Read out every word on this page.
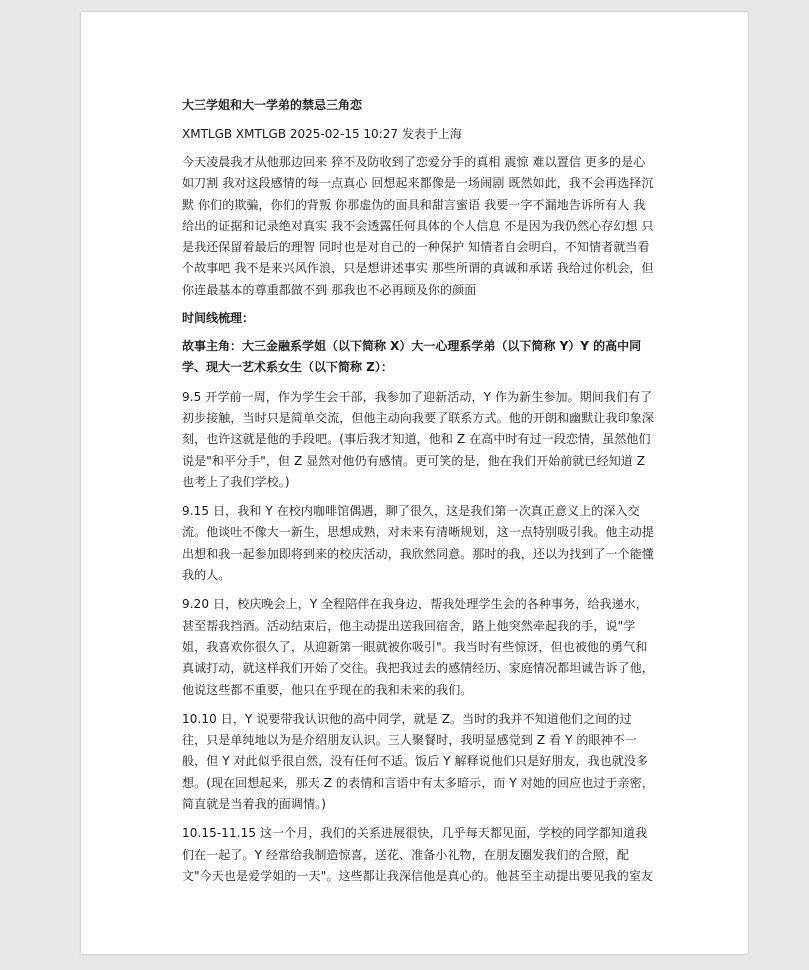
大三学姐和大一学弟的禁忌三角恋
XMTLGB XMTLGB 2025-02-15 10:27 发表于上海
今天凌晨我才从他那边回来 猝不及防收到了恋爱分手的真相 震惊 难以置信 更多的是心如刀割 我对这段感情的每一点真心 回想起来都像是一场闹剧 既然如此，我不会再选择沉默 你们的欺骗，你们的背叛 你那虚伪的面具和甜言蜜语 我要一字不漏地告诉所有人 我给出的证据和记录绝对真实 我不会透露任何具体的个人信息 不是因为我仍然心存幻想 只是我还保留着最后的理智 同时也是对自己的一种保护 知情者自会明白，不知情者就当看个故事吧 我不是来兴风作浪，只是想讲述事实 那些所谓的真诚和承诺 我给过你机会，但你连最基本的尊重都做不到 那我也不必再顾及你的颜面
时间线梳理：
故事主角：大三金融系学姐（以下简称 X）大一心理系学弟（以下简称 Y）Y 的高中同学、现大一艺术系女生（以下简称 Z）：
9.5 开学前一周，作为学生会干部，我参加了迎新活动，Y 作为新生参加。期间我们有了初步接触，当时只是简单交流，但他主动向我要了联系方式。他的开朗和幽默让我印象深刻，也许这就是他的手段吧。(事后我才知道，他和 Z 在高中时有过一段恋情，虽然他们说是"和平分手"，但 Z 显然对他仍有感情。更可笑的是，他在我们开始前就已经知道 Z 也考上了我们学校。)
9.15 日，我和 Y 在校内咖啡馆偶遇，聊了很久，这是我们第一次真正意义上的深入交流。他谈吐不像大一新生，思想成熟，对未来有清晰规划，这一点特别吸引我。他主动提出想和我一起参加即将到来的校庆活动，我欣然同意。那时的我，还以为找到了一个能懂我的人。
9.20 日，校庆晚会上，Y 全程陪伴在我身边，帮我处理学生会的各种事务，给我递水，甚至帮我挡酒。活动结束后，他主动提出送我回宿舍，路上他突然牵起我的手，说"学姐，我喜欢你很久了，从迎新第一眼就被你吸引"。我当时有些惊讶，但也被他的勇气和真诚打动，就这样我们开始了交往。我把我过去的感情经历、家庭情况都坦诚告诉了他，他说这些都不重要，他只在乎现在的我和未来的我们。
10.10 日，Y 说要带我认识他的高中同学，就是 Z。当时的我并不知道他们之间的过往，只是单纯地以为是介绍朋友认识。三人聚餐时，我明显感觉到 Z 看 Y 的眼神不一般，但 Y 对此似乎很自然，没有任何不适。饭后 Y 解释说他们只是好朋友，我也就没多想。(现在回想起来，那天 Z 的表情和言语中有太多暗示，而 Y 对她的回应也过于亲密，简直就是当着我的面调情。)
10.15-11.15 这一个月，我们的关系进展很快，几乎每天都见面，学校的同学都知道我们在一起了。Y 经常给我制造惊喜，送花、准备小礼物，在朋友圈发我们的合照，配文"今天也是爱学姐的一天"。这些都让我深信他是真心的。他甚至主动提出要见我的室友
